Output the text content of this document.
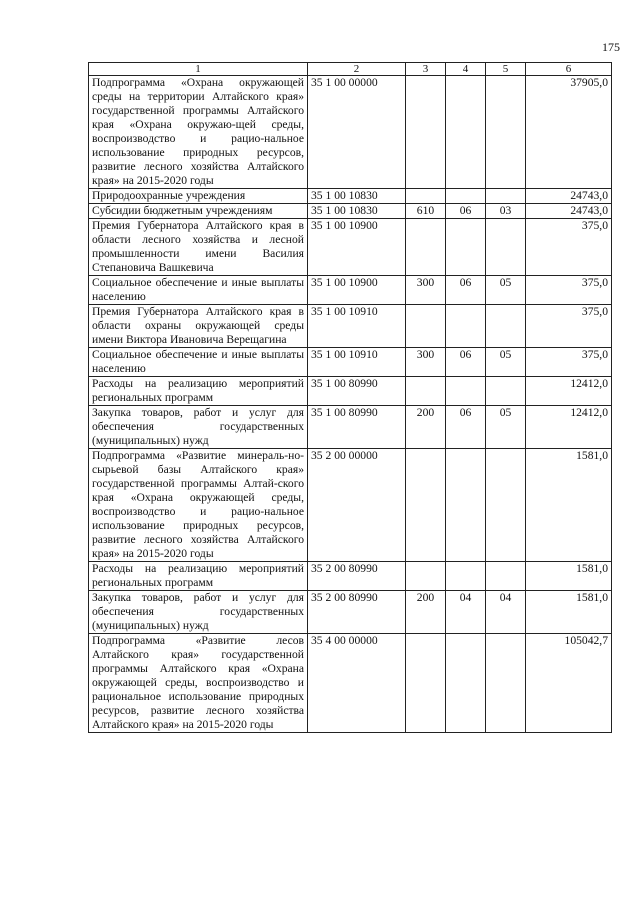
175
1	2	3	4	5	6
Подпрограмма «Охрана окружающей среды на территории Алтайского края» государственной программы Алтайского края «Охрана окружаю-щей среды, воспроизводство и рацио-нальное использование природных ресурсов, развитие лесного хозяйства Алтайского края» на 2015-2020 годы	35 1 00 00000				37905,0
Природоохранные учреждения	35 1 00 10830				24743,0
Субсидии бюджетным учреждениям	35 1 00 10830	610	06	03	24743,0
Премия Губернатора Алтайского края в области лесного хозяйства и лесной промышленности имени Василия Степановича Вашкевича	35 1 00 10900				375,0
Социальное обеспечение и иные выплаты населению	35 1 00 10900	300	06	05	375,0
Премия Губернатора Алтайского края в области охраны окружающей среды имени Виктора Ивановича Верещагина	35 1 00 10910				375,0
Социальное обеспечение и иные выплаты населению	35 1 00 10910	300	06	05	375,0
Расходы на реализацию мероприятий региональных программ	35 1 00 80990				12412,0
Закупка товаров, работ и услуг для обеспечения государственных (муниципальных) нужд	35 1 00 80990	200	06	05	12412,0
Подпрограмма «Развитие минераль-но-сырьевой базы Алтайского края» государственной программы Алтай-ского края «Охрана окружающей среды, воспроизводство и рацио-нальное использование природных ресурсов, развитие лесного хозяйства Алтайского края» на 2015-2020 годы	35 2 00 00000				1581,0
Расходы на реализацию мероприятий региональных программ	35 2 00 80990				1581,0
Закупка товаров, работ и услуг для обеспечения государственных (муниципальных) нужд	35 2 00 80990	200	04	04	1581,0
Подпрограмма «Развитие лесов Алтайского края» государственной программы Алтайского края «Охрана окружающей среды, воспроизводство и рациональное использование природных ресурсов, развитие лесного хозяйства Алтайского края» на 2015-2020 годы	35 4 00 00000				105042,7
